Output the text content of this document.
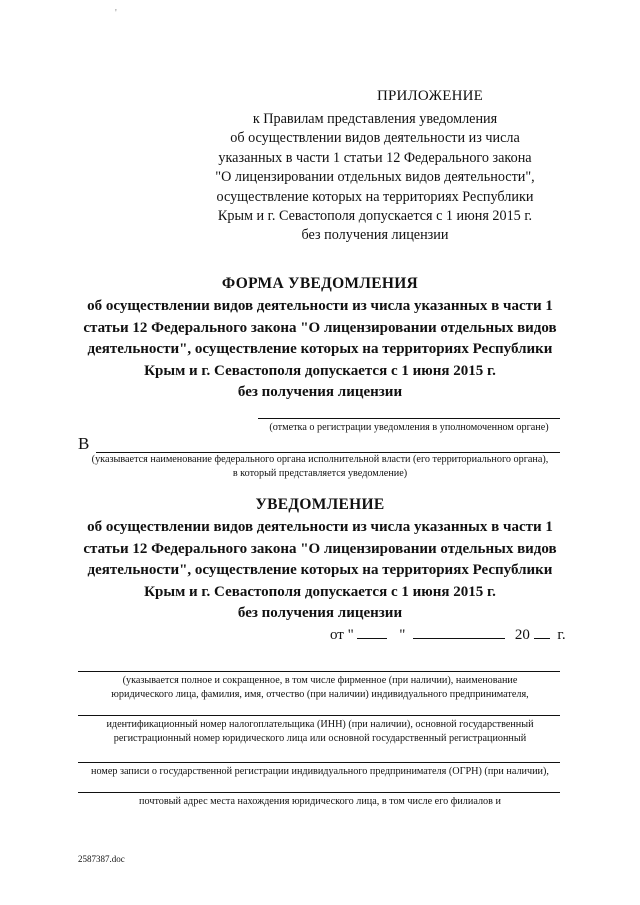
'
ПРИЛОЖЕНИЕ
к Правилам представления уведомления
об осуществлении видов деятельности из числа
указанных в части 1 статьи 12 Федерального закона
"О лицензировании отдельных видов деятельности",
осуществление которых на территориях Республики
Крым и г. Севастополя допускается с 1 июня 2015 г.
без получения лицензии
ФОРМА УВЕДОМЛЕНИЯ
об осуществлении видов деятельности из числа указанных в части 1
статьи 12 Федерального закона "О лицензировании отдельных видов
деятельности", осуществление которых на территориях Республики
Крым и г. Севастополя допускается с 1 июня 2015 г.
без получения лицензии
(отметка о регистрации уведомления в уполномоченном органе)
В
(указывается наименование федерального органа исполнительной власти (его территориального органа),
в который представляется уведомление)
УВЕДОМЛЕНИЕ
об осуществлении видов деятельности из числа указанных в части 1
статьи 12 Федерального закона "О лицензировании отдельных видов
деятельности", осуществление которых на территориях Республики
Крым и г. Севастополя допускается с 1 июня 2015 г.
без получения лицензии
от "	"	20 г.
(указывается полное и сокращенное, в том числе фирменное (при наличии), наименование
юридического лица, фамилия, имя, отчество (при наличии) индивидуального предпринимателя,
идентификационный номер налогоплательщика (ИНН) (при наличии), основной государственный
регистрационный номер юридического лица или основной государственный регистрационный
номер записи о государственной регистрации индивидуального предпринимателя (ОГРН) (при наличии),
почтовый адрес места нахождения юридического лица, в том числе его филиалов и
2587387.doc
